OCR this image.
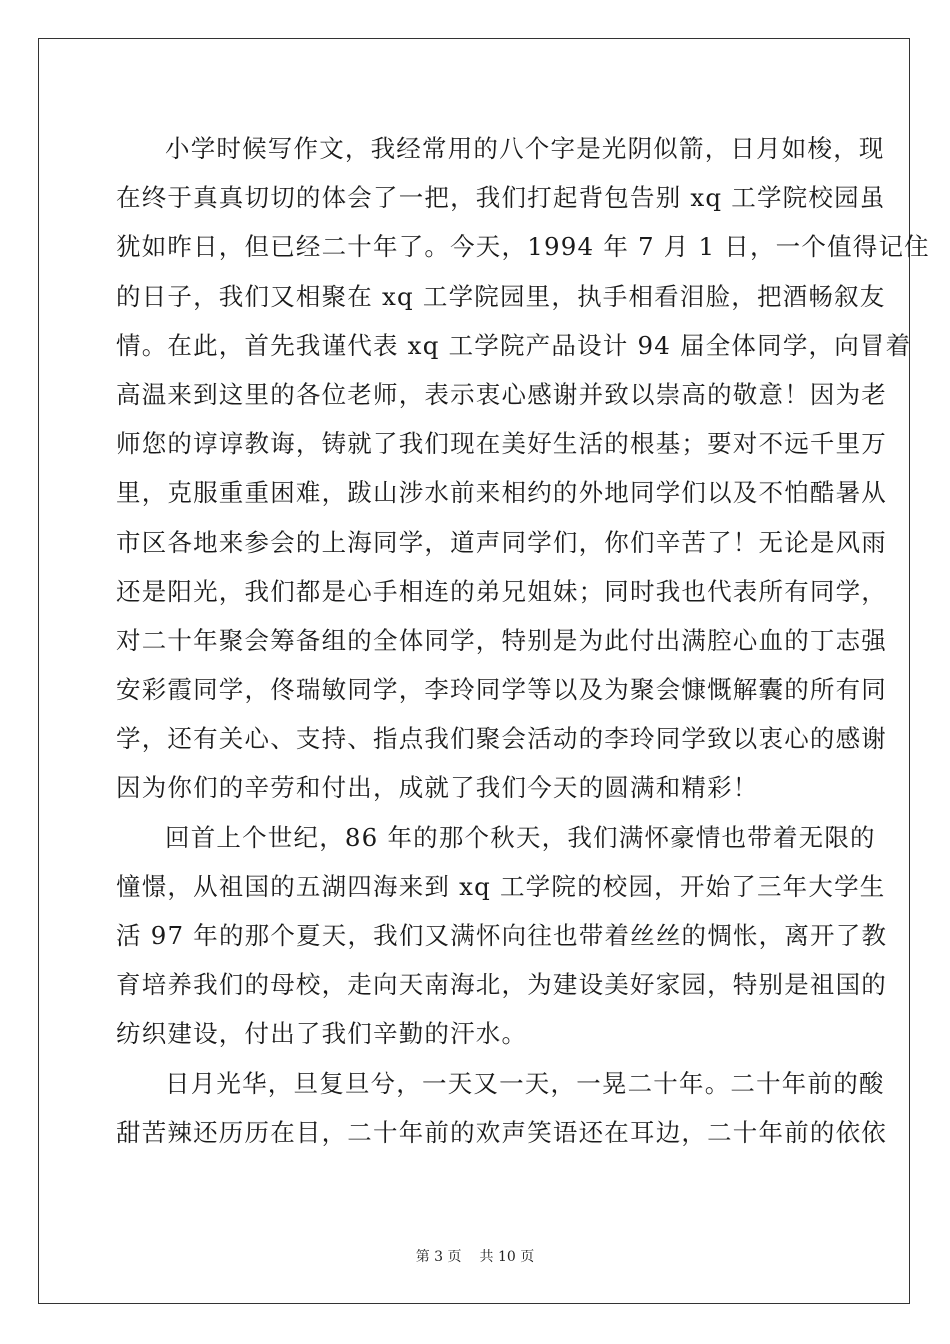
小学时候写作文，我经常用的八个字是光阴似箭，日月如梭，现
在终于真真切切的体会了一把，我们打起背包告别 xq 工学院校园虽
犹如昨日，但已经二十年了。今天，1994 年 7 月 1 日，一个值得记住
的日子，我们又相聚在 xq 工学院园里，执手相看泪脸，把酒畅叙友
情。在此，首先我谨代表 xq 工学院产品设计 94 届全体同学，向冒着
高温来到这里的各位老师，表示衷心感谢并致以崇高的敬意！因为老
师您的谆谆教诲，铸就了我们现在美好生活的根基；要对不远千里万
里，克服重重困难，跋山涉水前来相约的外地同学们以及不怕酷暑从
市区各地来参会的上海同学，道声同学们，你们辛苦了！无论是风雨
还是阳光，我们都是心手相连的弟兄姐妹；同时我也代表所有同学，
对二十年聚会筹备组的全体同学，特别是为此付出满腔心血的丁志强
安彩霞同学，佟瑞敏同学，李玲同学等以及为聚会慷慨解囊的所有同
学，还有关心、支持、指点我们聚会活动的李玲同学致以衷心的感谢
因为你们的辛劳和付出，成就了我们今天的圆满和精彩！
回首上个世纪，86 年的那个秋天，我们满怀豪情也带着无限的
憧憬，从祖国的五湖四海来到 xq 工学院的校园，开始了三年大学生
活 97 年的那个夏天，我们又满怀向往也带着丝丝的惆怅，离开了教
育培养我们的母校，走向天南海北，为建设美好家园，特别是祖国的
纺织建设，付出了我们辛勤的汗水。
日月光华，旦复旦兮，一天又一天，一晃二十年。二十年前的酸
甜苦辣还历历在目，二十年前的欢声笑语还在耳边，二十年前的依依
第 3 页 共 10 页
